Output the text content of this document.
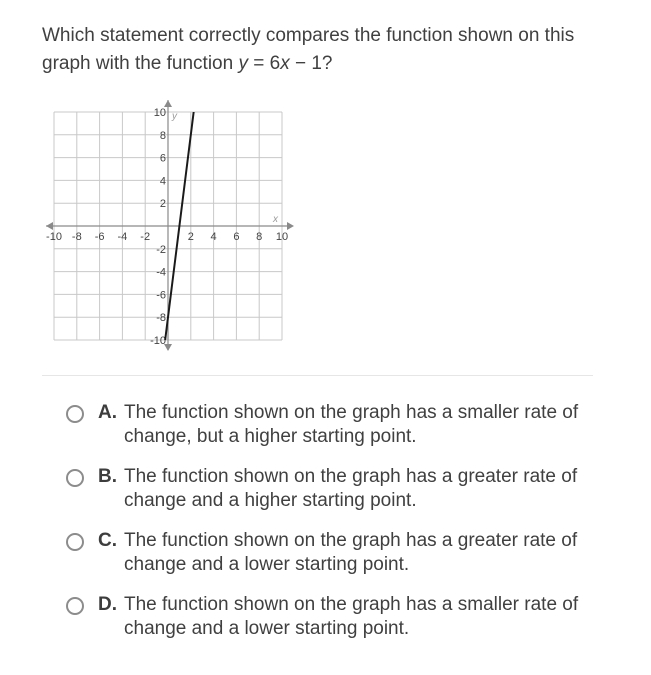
Which statement correctly compares the function shown on this graph with the function y = 6x − 1?
-10 -8 -6 -4 -2	2 4 6 8 10
10
8
6
4
2
-2
-4
-6
-8
-10
x
y
A. The function shown on the graph has a smaller rate of change, but a higher starting point.
B. The function shown on the graph has a greater rate of change and a higher starting point.
C. The function shown on the graph has a greater rate of change and a lower starting point.
D. The function shown on the graph has a smaller rate of change and a lower starting point.
